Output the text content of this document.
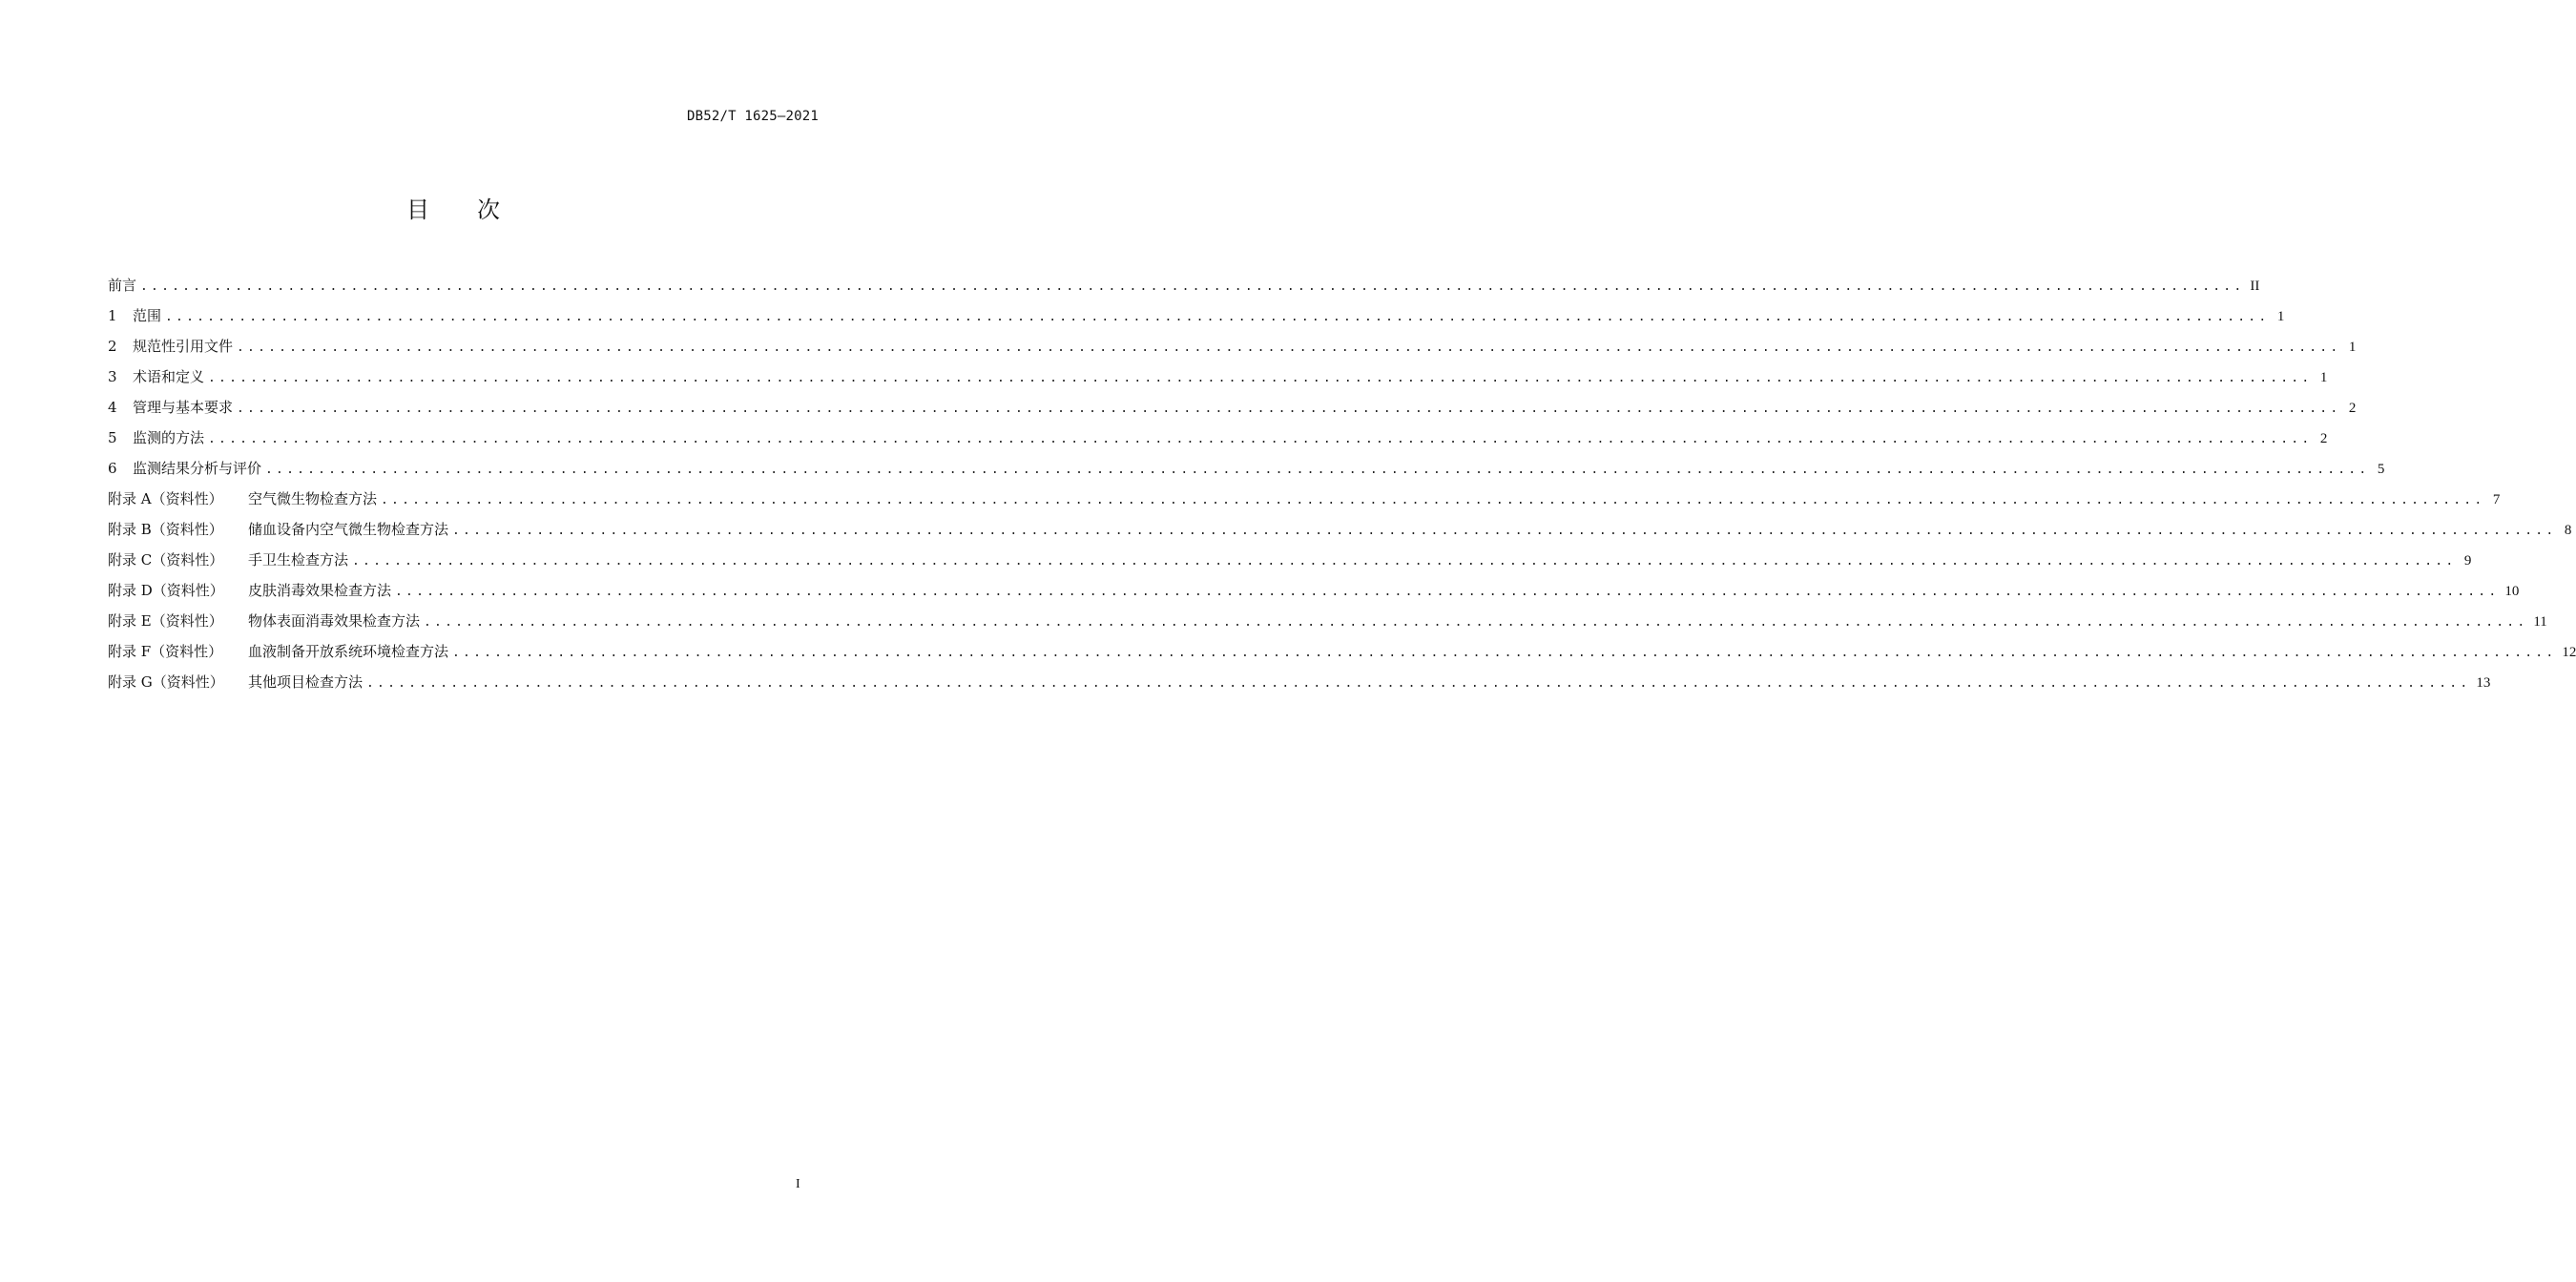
DB52/T 1625—2021
目 次
前言 ........................................................................................................................................................................................................ II
1	范围 ........................................................................................................................................................................................................ 1
2	规范性引用文件 ........................................................................................................................................................................................................ 1
3	术语和定义 ........................................................................................................................................................................................................ 1
4	管理与基本要求 ........................................................................................................................................................................................................ 2
5	监测的方法 ........................................................................................................................................................................................................ 2
6	监测结果分析与评价 ........................................................................................................................................................................................................ 5
附录 A（资料性）	空气微生物检查方法 ........................................................................................................................................................................................................ 7
附录 B（资料性）	储血设备内空气微生物检查方法 ........................................................................................................................................................................................................ 8
附录 C（资料性）	手卫生检查方法 ........................................................................................................................................................................................................ 9
附录 D（资料性）	皮肤消毒效果检查方法 ........................................................................................................................................................................................................ 10
附录 E（资料性）	物体表面消毒效果检查方法 ........................................................................................................................................................................................................ 11
附录 F（资料性）	血液制备开放系统环境检查方法 ........................................................................................................................................................................................................ 12
附录 G（资料性）	其他项目检查方法 ........................................................................................................................................................................................................ 13
I
